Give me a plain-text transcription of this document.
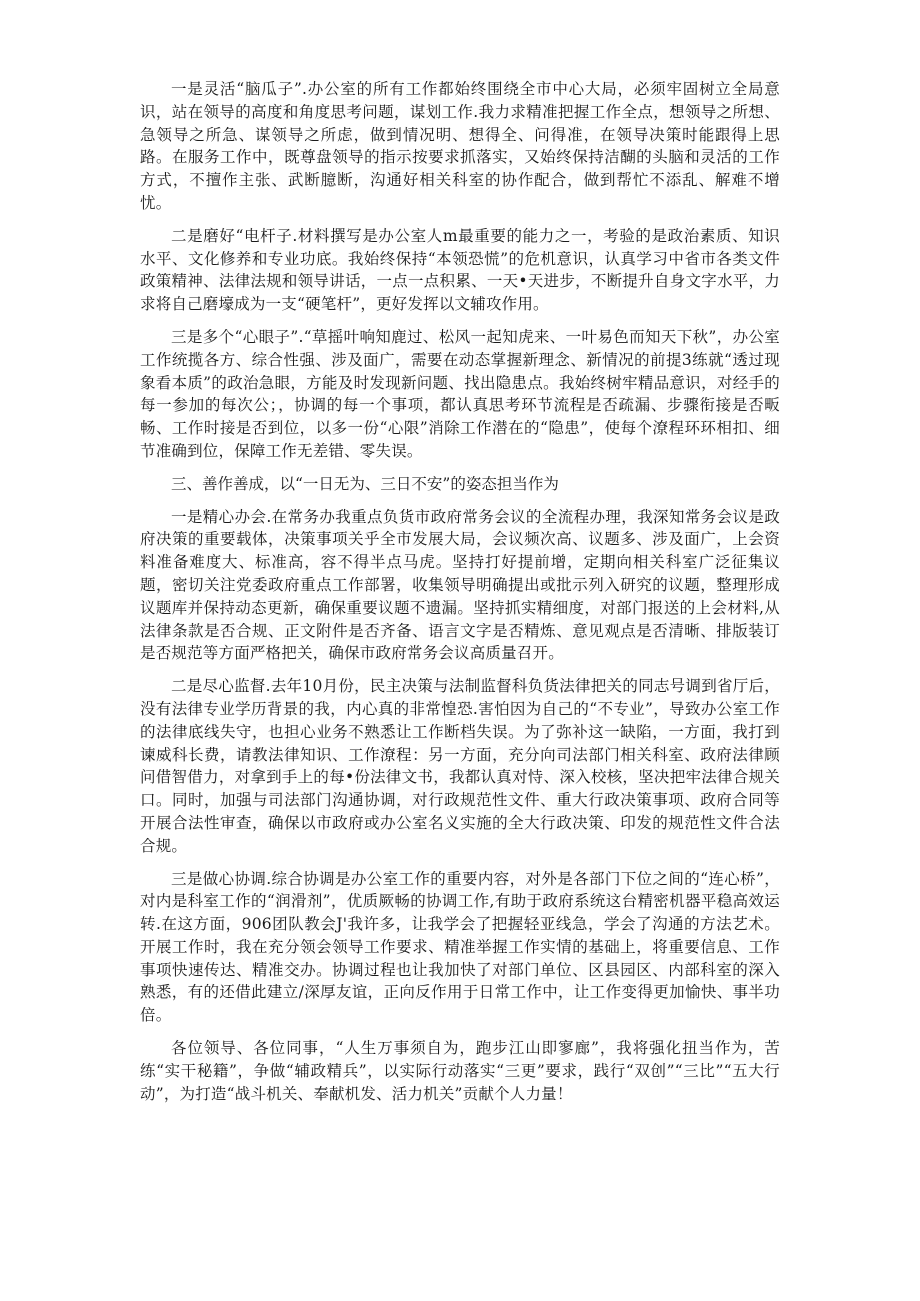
一是灵活“脑瓜子”.办公室的所有工作都始终围绕全市中心大局，必须牢固树立全局意识，站在领导的高度和角度思考问题，谋划工作.我力求精准把握工作全点，想领导之所想、急领导之所急、谋领导之所虑，做到情况明、想得全、问得准，在领导决策时能跟得上思路。在服务工作中，既尊盘领导的指示按要求抓落实，又始终保持洁醐的头脑和灵活的工作方式，不擅作主张、武断臆断，沟通好相关科室的协作配合，做到帮忙不添乱、解难不增忧。

二是磨好“电杆子.材料撰写是办公室人m最重要的能力之一，考验的是政治素质、知识水平、文化修养和专业功底。我始终保持“本领恐慌”的危机意识，认真学习中省市各类文件政策精神、法律法规和领导讲话，一点一点积累、一天•天进步，不断提升自身文字水平，力求将自己磨壕成为一支“硬笔杆”，更好发挥以文辅攻作用。

三是多个“心眼子”.“草摇叶响知鹿过、松风一起知虎来、一叶易色而知天下秋”，办公室工作统揽各方、综合性强、涉及面广，需要在动态掌握新理念、新情况的前提3练就“透过现象看本质”的政治急眼，方能及时发现新问题、找出隐患点。我始终树牢精品意识，对经手的每一参加的每次公；，协调的每一个事项，都认真思考环节流程是否疏漏、步骤衔接是否畈畅、工作时接是否到位，以多一份“心限”消除工作潜在的“隐患”，使每个潦程环环相扣、细节准确到位，保障工作无差错、零失误。

三、善作善成，以“一日无为、三日不安”的姿态担当作为

一是精心办会.在常务办我重点负货市政府常务会议的全流程办理，我深知常务会议是政府决策的重要载体，决策事项关乎全市发展大局，会议频次高、议题多、涉及面广，上会资料准备难度大、标准高，容不得半点马虎。坚持打好提前增，定期向相关科室广泛征集议题，密切关注党委政府重点工作部署，收集领导明确提出或批示列入研究的议题，整理形成议题库并保持动态更新，确保重要议题不遗漏。坚持抓实精细度，对部门报送的上会材料,从法律条款是否合规、正文附件是否齐备、语言文字是否精炼、意见观点是否清晰、排版装订是否规范等方面严格把关，确保市政府常务会议高质量召开。

二是尽心监督.去年10月份，民主决策与法制监督科负货法律把关的同志号调到省厅后，没有法律专业学历背景的我，内心真的非常惶恐.害怕因为自己的“不专业”，导致办公室工作的法律底线失守，也担心业务不熟悉让工作断档失误。为了弥补这一缺陷，一方面，我打到谏威科长费，请教法律知识、工作潦程：另一方面，充分向司法部门相关科室、政府法律顾问借智借力，对拿到手上的每•份法律文书，我都认真对恃、深入校核，坚决把牢法律合规关口。同时，加强与司法部门沟通协调，对行政规范性文件、重大行政决策事项、政府合同等开展合法性审查，确保以市政府或办公室名义实施的全大行政决策、印发的规范性文件合法合规。

三是做心协调.综合协调是办公室工作的重要内容，对外是各部门下位之间的“连心桥”，对内是科室工作的“润滑剂”，优质厥畅的协调工作,有助于政府系统这台精密机器平稳高效运转.在这方面，906团队教会J'我许多，让我学会了把握轻亚线急，学会了沟通的方法艺术。开展工作时，我在充分领会领导工作要求、精准举握工作实情的基础上，将重要信息、工作事项快速传达、精准交办。协调过程也让我加快了对部门单位、区县园区、内部科室的深入熟悉，有的还借此建立/深厚友谊，正向反作用于日常工作中，让工作变得更加愉快、事半功倍。

各位领导、各位同事，“人生万事须自为，跑步江山即寥廊”，我将强化扭当作为，苦练“实干秘籍”，争做“辅政精兵”，以实际行动落实“三更”要求，践行“双创”“三比”“五大行动”，为打造“战斗机关、奉献机发、活力机关”贡献个人力量！
